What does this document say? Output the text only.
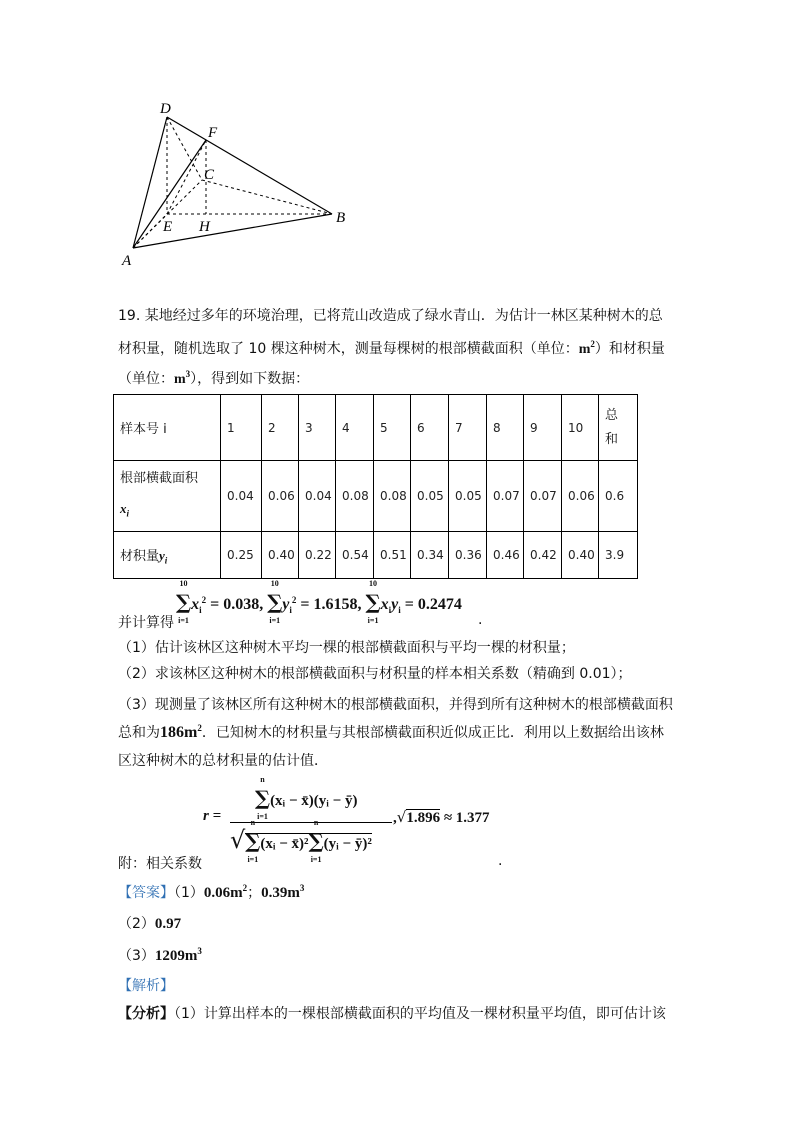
D
F
C
E H
B
A
19. 某地经过多年的环境治理，已将荒山改造成了绿水青山．为估计一林区某种树木的总
材积量，随机选取了 10 棵这种树木，测量每棵树的根部横截面积（单位：$m^2$）和材积量
（单位：$m^3$），得到如下数据：
样本号 i	1	2	3	4	5	6	7	8	9	10	总
和
根部横截面积
$x_i$	0.04	0.06	0.04	0.08	0.08	0.05	0.05	0.07	0.07	0.06	0.6
材积量$y_i$	0.25	0.40	0.22	0.54	0.51	0.34	0.36	0.46	0.42	0.40	3.9
并计算得
10
∑
i=1
$x_i^2 = 0.038$,
10
∑
i=1
$y_i^2 = 1.6158$,
10
∑
i=1
$x_iy_i = 0.2474$
.
（1）估计该林区这种树木平均一棵的根部横截面积与平均一棵的材积量；
（2）求该林区这种树木的根部横截面积与材积量的样本相关系数（精确到 0.01）；
（3）现测量了该林区所有这种树木的根部横截面积，并得到所有这种树木的根部横截面积
总和为$186m^2$．已知树木的材积量与其根部横截面积近似成正比．利用以上数据给出该林
区这种树木的总材积量的估计值．
附：相关系数
r =
n
∑
i=1
(xᵢ − x̄)(yᵢ − ȳ)
√
n
∑
i=1
(xᵢ − x̄)²
n
∑
i=1
(yᵢ − ȳ)²
,√1.896 ≈ 1.377
.
【答案】$(1)0.06m^2$；$0.39m^3$
（2）0.97
$(3)1209m^3$
【解析】
【分析】（1）计算出样本的一棵根部横截面积的平均值及一棵材积量平均值，即可估计该
